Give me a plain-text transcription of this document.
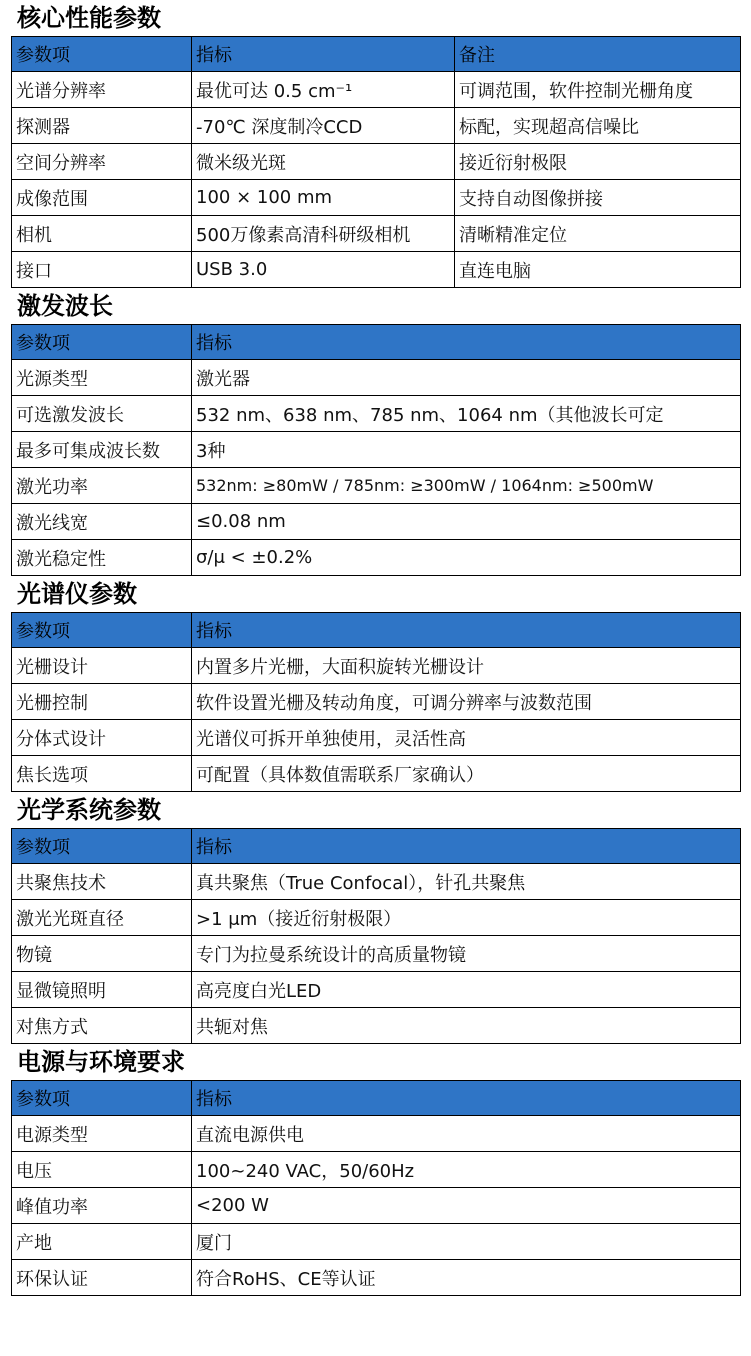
核心性能参数
参数项	指标	备注
光谱分辨率	最优可达 0.5 cm⁻¹	可调范围，软件控制光栅角度
探测器	-70℃ 深度制冷CCD	标配，实现超高信噪比
空间分辨率	微米级光斑	接近衍射极限
成像范围	100 × 100 mm	支持自动图像拼接
相机	500万像素高清科研级相机	清晰精准定位
接口	USB 3.0	直连电脑
激发波长
参数项	指标
光源类型	激光器
可选激发波长	532 nm、638 nm、785 nm、1064 nm（其他波长可定
最多可集成波长数	3种
激光功率	532nm: ≥80mW / 785nm: ≥300mW / 1064nm: ≥500mW
激光线宽	≤0.08 nm
激光稳定性	σ/μ < ±0.2%
光谱仪参数
参数项	指标
光栅设计	内置多片光栅，大面积旋转光栅设计
光栅控制	软件设置光栅及转动角度，可调分辨率与波数范围
分体式设计	光谱仪可拆开单独使用，灵活性高
焦长选项	可配置（具体数值需联系厂家确认）
光学系统参数
参数项	指标
共聚焦技术	真共聚焦（True Confocal），针孔共聚焦
激光光斑直径	>1 μm（接近衍射极限）
物镜	专门为拉曼系统设计的高质量物镜
显微镜照明	高亮度白光LED
对焦方式	共轭对焦
电源与环境要求
参数项	指标
电源类型	直流电源供电
电压	100~240 VAC，50/60Hz
峰值功率	<200 W
产地	厦门
环保认证	符合RoHS、CE等认证
